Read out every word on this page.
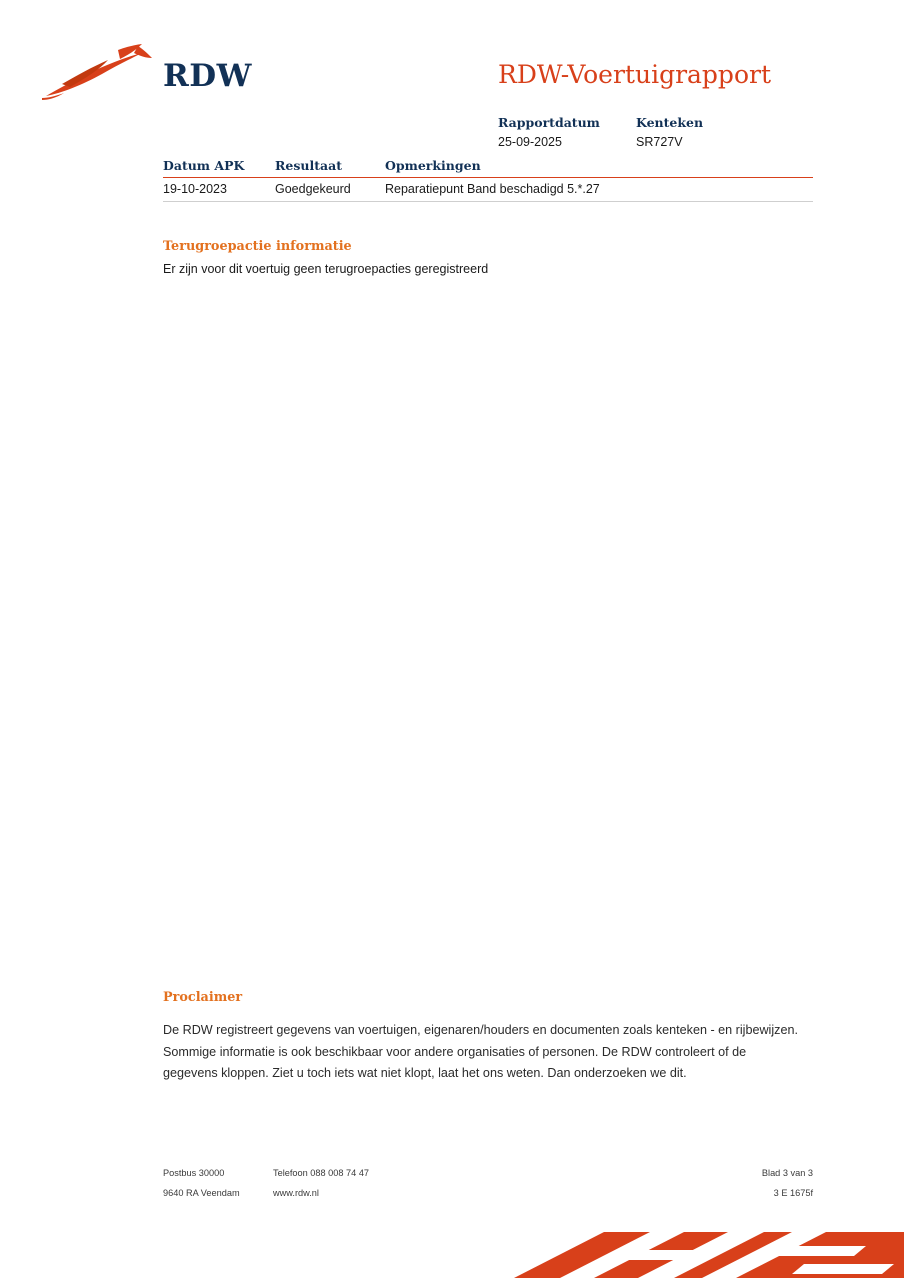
RDW	RDW-Voertuigrapport
Rapportdatum	Kenteken
25-09-2025	SR727V
Datum APK	Resultaat	Opmerkingen
19-10-2023	Goedgekeurd	Reparatiepunt Band beschadigd 5.*.27
Terugroepactie informatie
Er zijn voor dit voertuig geen terugroepacties geregistreerd
Proclaimer
De RDW registreert gegevens van voertuigen, eigenaren/houders en documenten zoals kenteken - en rijbewijzen. Sommige informatie is ook beschikbaar voor andere organisaties of personen. De RDW controleert of de gegevens kloppen. Ziet u toch iets wat niet klopt, laat het ons weten. Dan onderzoeken we dit.
Postbus 30000	Telefoon 088 008 74 47	Blad 3 van 3
9640 RA Veendam	www.rdw.nl	3 E 1675f
